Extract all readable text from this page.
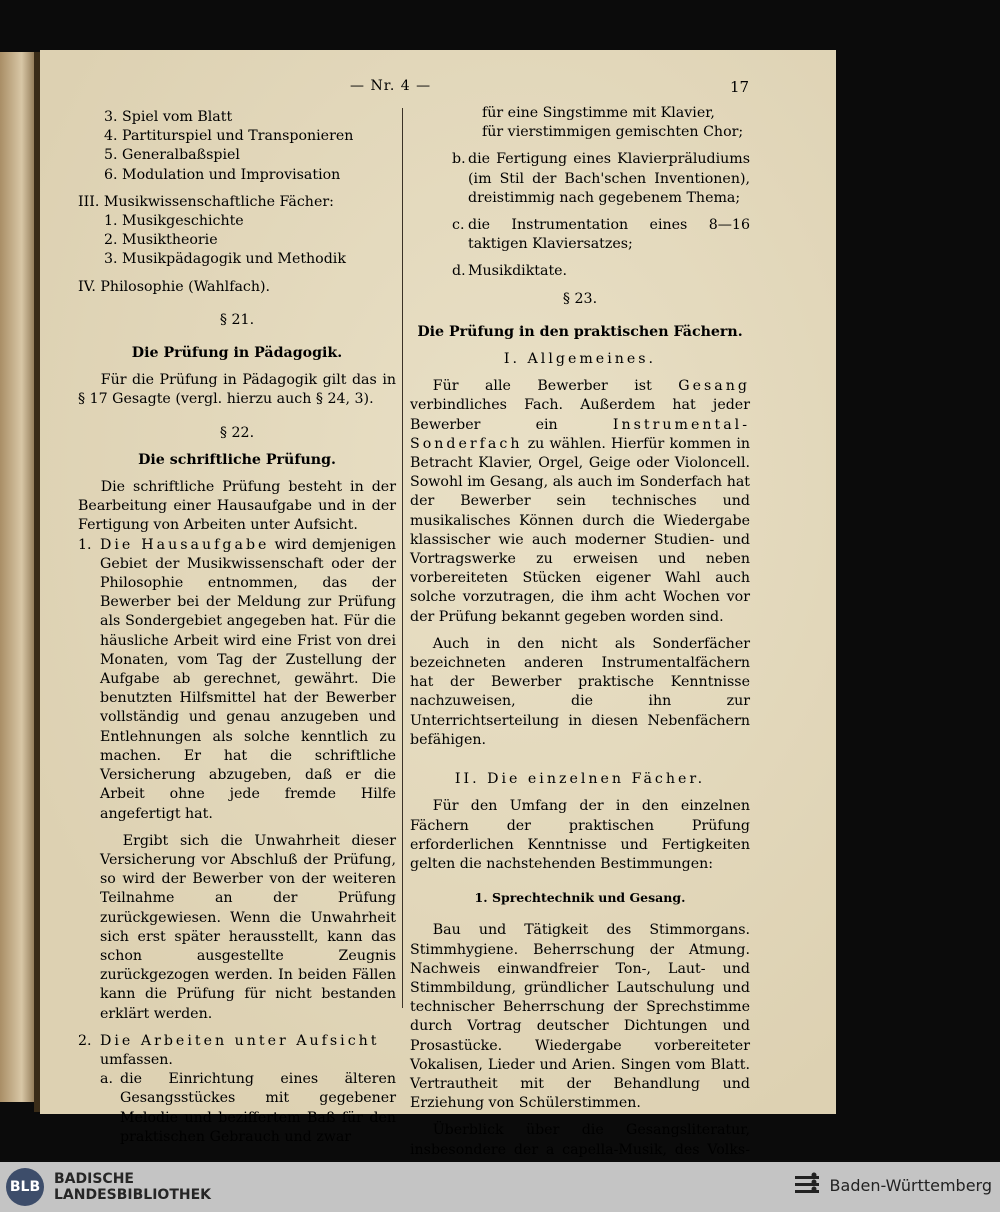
— Nr. 4 —	17

3. Spiel vom Blatt

4. Partiturspiel und Transponieren

5. Generalbaßspiel

6. Modulation und Improvisation

III. Musikwissenschaftliche Fächer:

1. Musikgeschichte

2. Musiktheorie

3. Musikpädagogik und Methodik

IV. Philosophie (Wahlfach).

§ 21.

Die Prüfung in Pädagogik.

Für die Prüfung in Pädagogik gilt das in § 17 Gesagte (vergl. hierzu auch § 24, 3).

§ 22.

Die schriftliche Prüfung.

Die schriftliche Prüfung besteht in der Bearbeitung einer Hausaufgabe und in der Fertigung von Arbeiten unter Aufsicht.

1. Die Hausaufgabe wird demjenigen Gebiet der Musikwissenschaft oder der Philosophie entnommen, das der Bewerber bei der Meldung zur Prüfung als Sondergebiet angegeben hat. Für die häusliche Arbeit wird eine Frist von drei Monaten, vom Tag der Zustellung der Aufgabe ab gerechnet, gewährt. Die benutzten Hilfsmittel hat der Bewerber vollständig und genau anzugeben und Entlehnungen als solche kenntlich zu machen. Er hat die schriftliche Versicherung abzugeben, daß er die Arbeit ohne jede fremde Hilfe angefertigt hat.

Ergibt sich die Unwahrheit dieser Versicherung vor Abschluß der Prüfung, so wird der Bewerber von der weiteren Teilnahme an der Prüfung zurückgewiesen. Wenn die Unwahrheit sich erst später herausstellt, kann das schon ausgestellte Zeugnis zurückgezogen werden. In beiden Fällen kann die Prüfung für nicht bestanden erklärt werden.

2. Die Arbeiten unter Aufsicht umfassen.

a. die Einrichtung eines älteren Gesangsstückes mit gegebener Melodie und beziffertem Baß für den praktischen Gebrauch und zwar

für eine Singstimme mit Klavier,

für vierstimmigen gemischten Chor;

b. die Fertigung eines Klavierpräludiums (im Stil der Bach'schen Inventionen), dreistimmig nach gegebenem Thema;

c. die Instrumentation eines 8—16 taktigen Klaviersatzes;

d. Musikdiktate.

§ 23.

Die Prüfung in den praktischen Fächern.

I. Allgemeines.

Für alle Bewerber ist Gesang verbindliches Fach. Außerdem hat jeder Bewerber ein	Instrumental-Sonderfach zu wählen. Hierfür kommen in Betracht Klavier, Orgel, Geige oder Violoncell. Sowohl im Gesang, als auch im Sonderfach hat der Bewerber sein technisches und musikalisches Können durch die Wiedergabe klassischer wie auch moderner Studien- und Vortragswerke zu erweisen und neben vorbereiteten Stücken eigener Wahl auch solche vorzutragen, die ihm acht Wochen vor der Prüfung bekannt gegeben worden sind.

Auch in den nicht als Sonderfächer bezeichneten anderen Instrumentalfächern hat der Bewerber praktische Kenntnisse nachzuweisen, die ihn zur Unterrichtserteilung in diesen Nebenfächern befähigen.

II. Die einzelnen Fächer.

Für den Umfang der in den einzelnen Fächern der praktischen Prüfung erforderlichen Kenntnisse und Fertigkeiten gelten die nachstehenden Bestimmungen:

1. Sprechtechnik und Gesang.

Bau und Tätigkeit des Stimmorgans. Stimmhygiene. Beherrschung der Atmung. Nachweis einwandfreier Ton-, Laut- und Stimmbildung, gründlicher Lautschulung und technischer Beherrschung der Sprechstimme durch Vortrag deutscher Dichtungen und Prosastücke. Wiedergabe vorbereiteter Vokalisen, Lieder und Arien. Singen vom Blatt. Vertrautheit mit der Behandlung und Erziehung von Schülerstimmen.

Überblick über die Gesangsliteratur, insbesondere der a capella-Musik, des Volks-

BLB BADISCHE
LANDESBIBLIOTHEK
Baden-Württemberg
